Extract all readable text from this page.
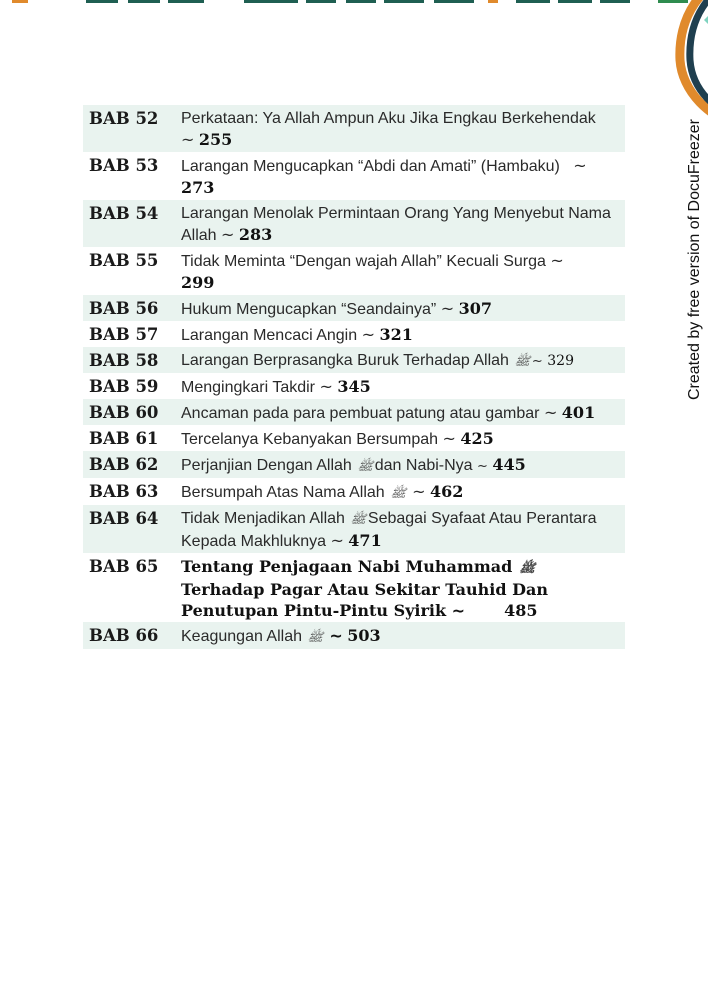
Created by free version of DocuFreezer
BAB 52	Perkataan: Ya Allah Ampun Aku Jika Engkau Berkehendak
~ 255
BAB 53	Larangan Mengucapkan “Abdi dan Amati” (Hambaku) ~
273
BAB 54	Larangan Menolak Permintaan Orang Yang Menyebut Nama Allah ~ 283
BAB 55	Tidak Meminta “Dengan wajah Allah” Kecuali Surga ~
299
BAB 56	Hukum Mengucapkan “Seandainya” ~ 307
BAB 57	Larangan Mencaci Angin ~ 321
BAB 58	Larangan Berprasangka Buruk Terhadap Allah ﷺ~ 329
BAB 59	Mengingkari Takdir ~ 345
BAB 60	Ancaman pada para pembuat patung atau gambar ~ 401
BAB 61	Tercelanya Kebanyakan Bersumpah ~ 425
BAB 62	Perjanjian Dengan Allah ﷺdan Nabi-Nya ~ 445
BAB 63	Bersumpah Atas Nama Allah ﷺ ~ 462
BAB 64	Tidak Menjadikan Allah ﷺSebagai Syafaat Atau Perantara Kepada Makhluknya ~ 471
BAB 65	Tentang Penjagaan Nabi Muhammad ﷺ Terhadap Pagar Atau Sekitar Tauhid Dan Penutupan Pintu-Pintu Syirik ~ 485
BAB 66	Keagungan Allah ﷺ ~ 503
